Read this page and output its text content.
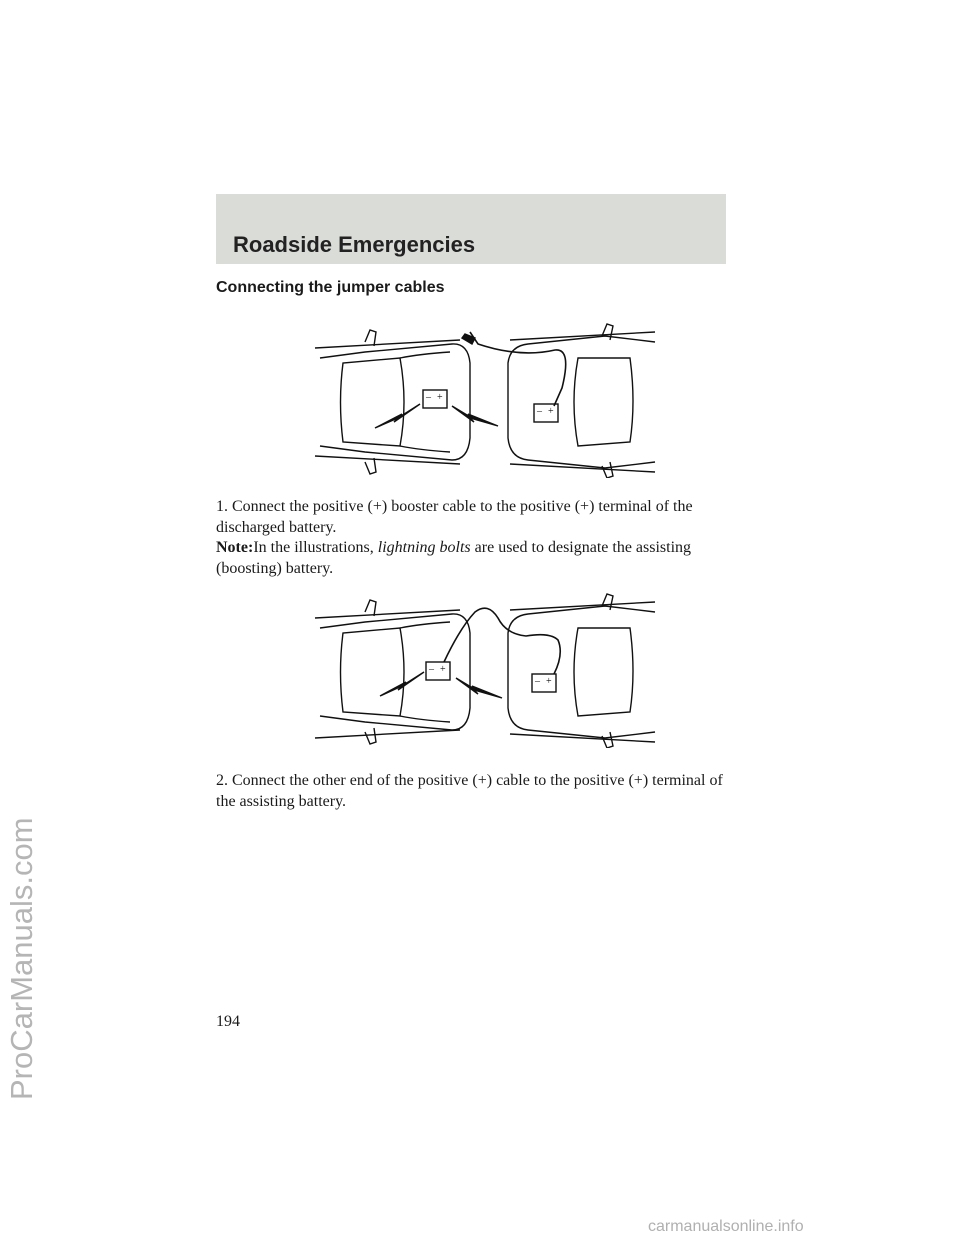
Roadside Emergencies
Connecting the jumper cables
– +
– +
1. Connect the positive (+) booster cable to the positive (+) terminal of the discharged battery.
Note:In the illustrations, lightning bolts are used to designate the assisting (boosting) battery.
– +
– +
2. Connect the other end of the positive (+) cable to the positive (+) terminal of the assisting battery.
194
ProCarManuals.com
carmanualsonline.info
